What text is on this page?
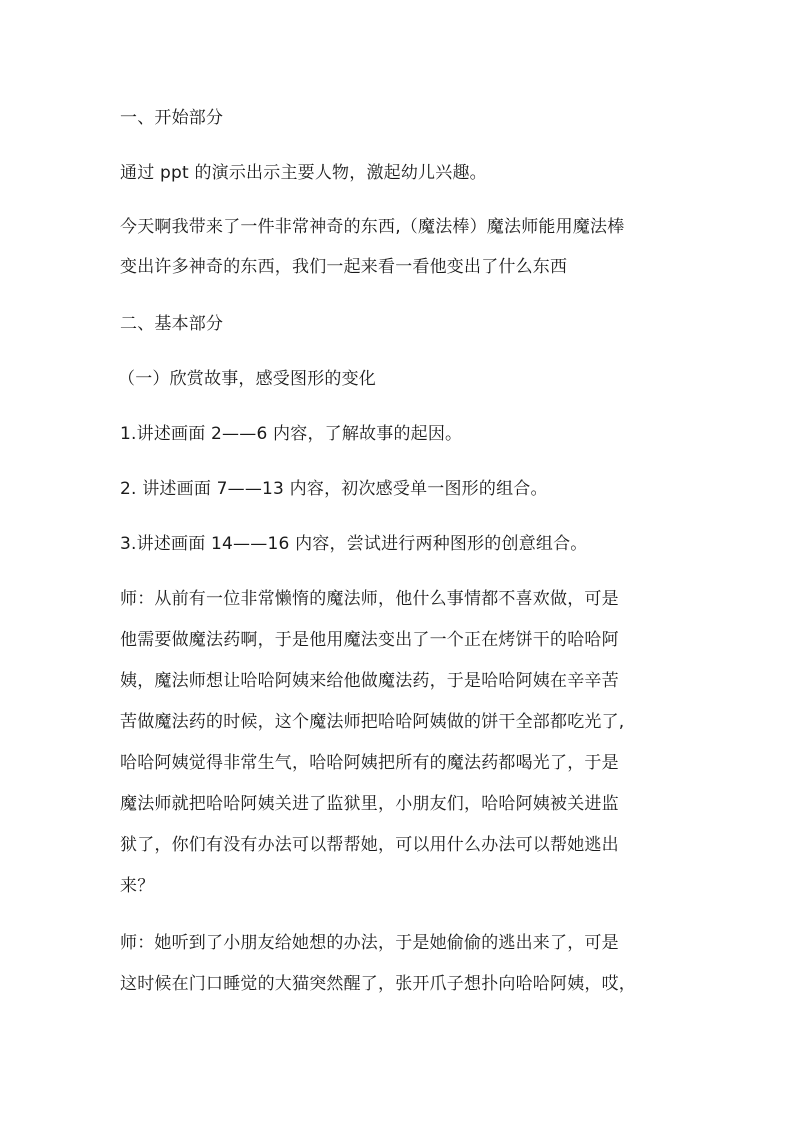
一、开始部分
通过 ppt 的演示出示主要人物，激起幼儿兴趣。
今天啊我带来了一件非常神奇的东西,（魔法棒）魔法师能用魔法棒
变出许多神奇的东西，我们一起来看一看他变出了什么东西
二、基本部分
（一）欣赏故事，感受图形的变化
1.讲述画面 2——6 内容，了解故事的起因。
2. 讲述画面 7——13 内容，初次感受单一图形的组合。
3.讲述画面 14——16 内容，尝试进行两种图形的创意组合。
师：从前有一位非常懒惰的魔法师，他什么事情都不喜欢做，可是
他需要做魔法药啊，于是他用魔法变出了一个正在烤饼干的哈哈阿
姨，魔法师想让哈哈阿姨来给他做魔法药，于是哈哈阿姨在辛辛苦
苦做魔法药的时候，这个魔法师把哈哈阿姨做的饼干全部都吃光了,
哈哈阿姨觉得非常生气，哈哈阿姨把所有的魔法药都喝光了，于是
魔法师就把哈哈阿姨关进了监狱里，小朋友们，哈哈阿姨被关进监
狱了，你们有没有办法可以帮帮她，可以用什么办法可以帮她逃出
来？
师：她听到了小朋友给她想的办法，于是她偷偷的逃出来了，可是
这时候在门口睡觉的大猫突然醒了，张开爪子想扑向哈哈阿姨，哎，
